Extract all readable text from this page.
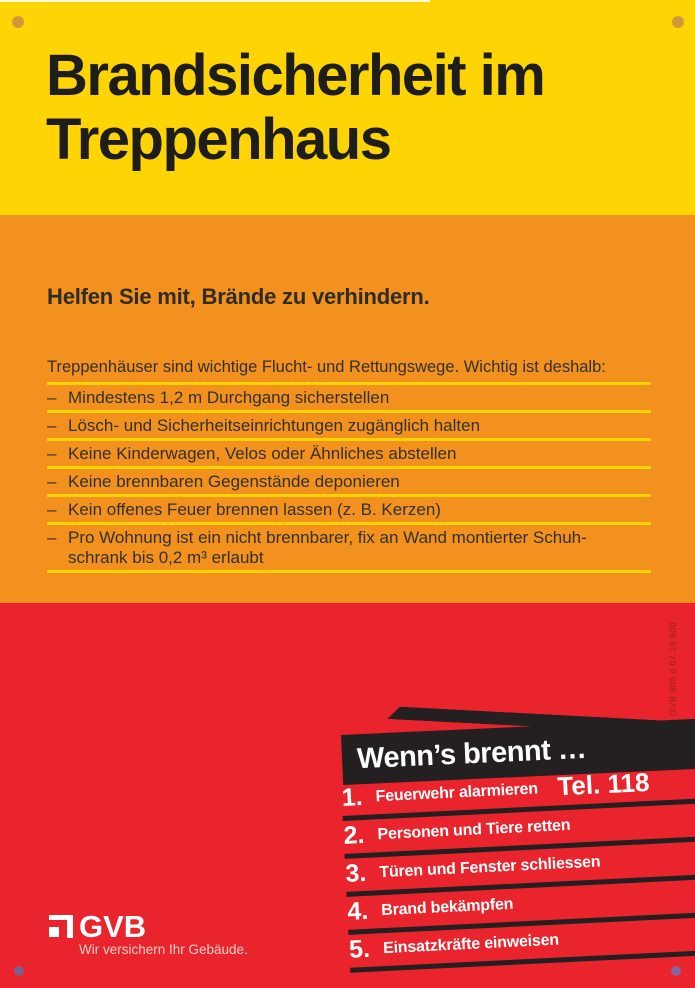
Brandsicherheit im
Treppenhaus
Helfen Sie mit, Brände zu verhindern.
Treppenhäuser sind wichtige Flucht- und Rettungswege. Wichtig ist deshalb:
– Mindestens 1,2 m Durchgang sicherstellen
– Lösch- und Sicherheitseinrichtungen zugänglich halten
– Keine Kinderwagen, Velos oder Ähnliches abstellen
– Keine brennbaren Gegenstände deponieren
– Kein offenes Feuer brennen lassen (z. B. Kerzen)
– Pro Wohnung ist ein nicht brennbarer, fix an Wand montierter Schuh-
schrank bis 0,2 m³ erlaubt
GVB 908 d 07.19 800
Wenn’s brennt …
1. Feuerwehr alarmieren Tel. 118
2. Personen und Tiere retten
3. Türen und Fenster schliessen
4. Brand bekämpfen
5. Einsatzkräfte einweisen
GVB
Wir versichern Ihr Gebäude.
